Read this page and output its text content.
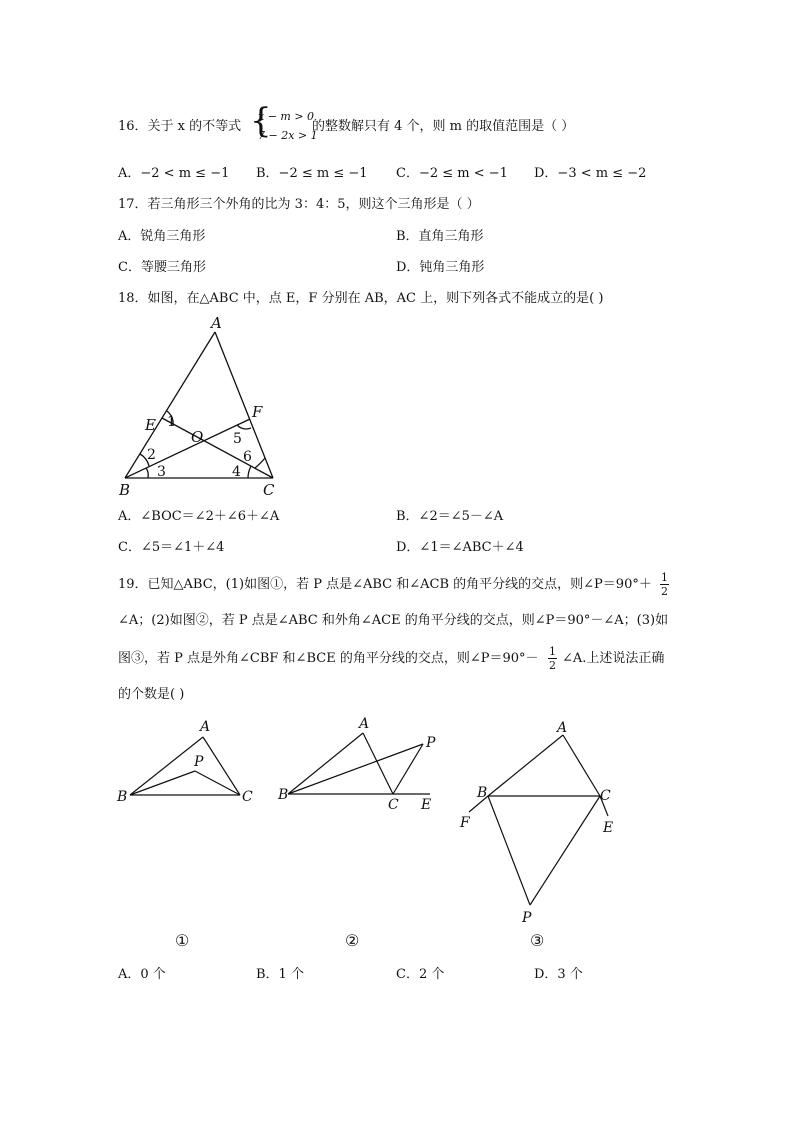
16．关于 x 的不等式 {
x − m > 0
7 − 2x > 1
的整数解只有 4 个，则 m 的取值范围是（ ）
A．−2 < m ≤ −1 B．−2 ≤ m ≤ −1 C．−2 ≤ m < −1 D．−3 < m ≤ −2
17．若三角形三个外角的比为 3：4：5，则这个三角形是（ ）
A．锐角三角形	B．直角三角形
C．等腰三角形	D．钝角三角形
18．如图，在△ABC 中，点 E，F 分别在 AB，AC 上，则下列各式不能成立的是( )
A
E
F
O
B	C
1
2
3	4
5
6
A．∠BOC＝∠2＋∠6＋∠A	B．∠2＝∠5－∠A
C．∠5＝∠1＋∠4	D．∠1＝∠ABC＋∠4
19．已知△ABC，(1)如图①，若 P 点是∠ABC 和∠ACB 的角平分线的交点，则∠P＝90°＋ $\frac{1}{2}$
∠A；(2)如图②，若 P 点是∠ABC 和外角∠ACE 的角平分线的交点，则∠P＝90°－∠A；(3)如
图③，若 P 点是外角∠CBF 和∠BCE 的角平分线的交点，则∠P＝90°－ $\frac{1}{2}$ ∠A.上述说法正确
的个数是( )
A
P
B	C
A
P
B
C E
A
B	C
F	E
P
①	②	③
A．0 个	B．1 个	C．2 个	D．3 个
